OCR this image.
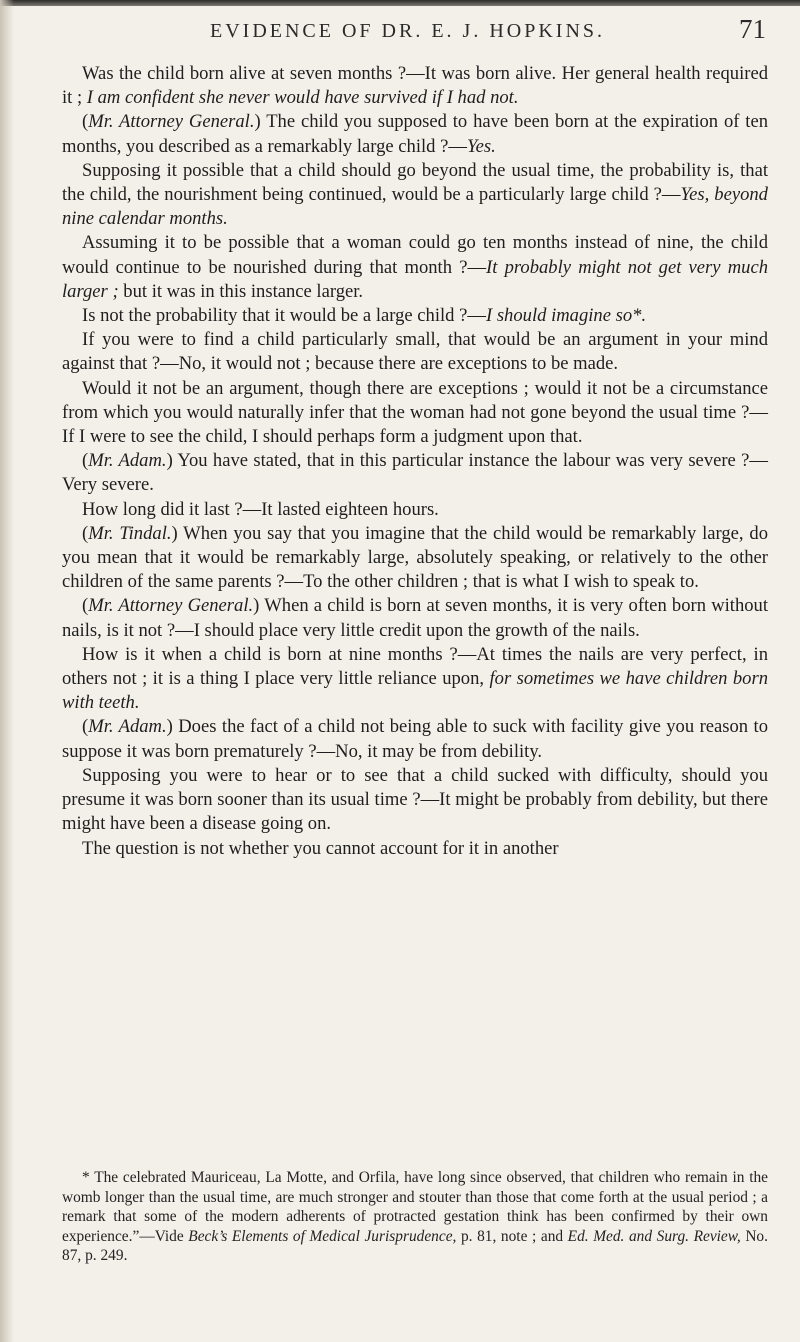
EVIDENCE OF DR. E. J. HOPKINS.	71

Was the child born alive at seven months ?—It was born alive. Her general health required it ; I am confident she never would have survived if I had not.

(Mr. Attorney General.) The child you supposed to have been born at the expiration of ten months, you described as a remarkably large child ?—Yes.

Supposing it possible that a child should go beyond the usual time, the probability is, that the child, the nourishment being continued, would be a particularly large child ?—Yes, beyond nine calendar months.

Assuming it to be possible that a woman could go ten months instead of nine, the child would continue to be nourished during that month ?—It probably might not get very much larger ; but it was in this instance larger.

Is not the probability that it would be a large child ?—I should imagine so*.

If you were to find a child particularly small, that would be an argument in your mind against that ?—No, it would not ; because there are exceptions to be made.

Would it not be an argument, though there are exceptions ; would it not be a circumstance from which you would naturally infer that the woman had not gone beyond the usual time ?—If I were to see the child, I should perhaps form a judgment upon that.

(Mr. Adam.) You have stated, that in this particular instance the labour was very severe ?—Very severe.

How long did it last ?—It lasted eighteen hours.

(Mr. Tindal.) When you say that you imagine that the child would be remarkably large, do you mean that it would be remarkably large, absolutely speaking, or relatively to the other children of the same parents ?—To the other children ; that is what I wish to speak to.

(Mr. Attorney General.) When a child is born at seven months, it is very often born without nails, is it not ?—I should place very little credit upon the growth of the nails.

How is it when a child is born at nine months ?—At times the nails are very perfect, in others not ; it is a thing I place very little reliance upon, for sometimes we have children born with teeth.

(Mr. Adam.) Does the fact of a child not being able to suck with facility give you reason to suppose it was born prematurely ?—No, it may be from debility.

Supposing you were to hear or to see that a child sucked with difficulty, should you presume it was born sooner than its usual time ?—It might be probably from debility, but there might have been a disease going on.

The question is not whether you cannot account for it in another

* The celebrated Mauriceau, La Motte, and Orfila, have long since observed, that children who remain in the womb longer than the usual time, are much stronger and stouter than those that come forth at the usual period ; a remark that some of the modern adherents of protracted gestation think has been confirmed by their own experience.”—Vide Beck’s Elements of Medical Jurisprudence, p. 81, note ; and Ed. Med. and Surg. Review, No. 87, p. 249.
